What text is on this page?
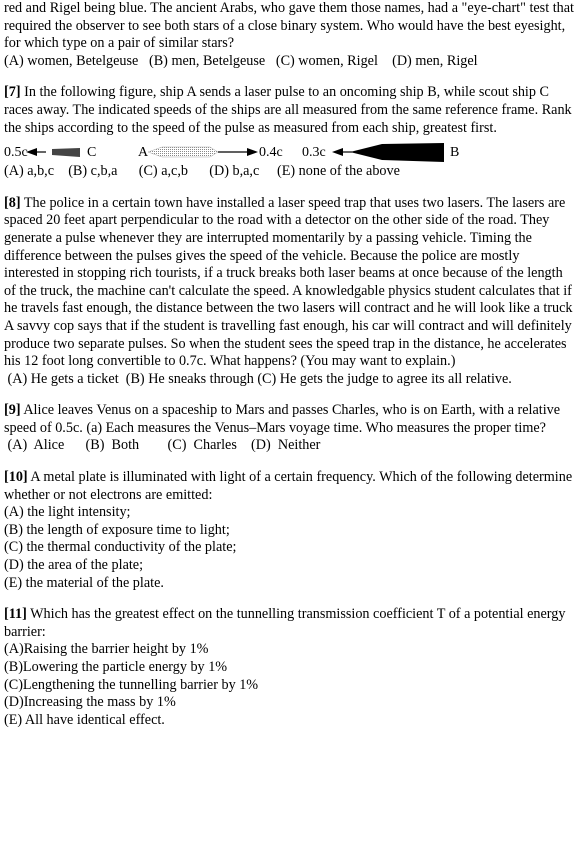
red and Rigel being blue. The ancient Arabs, who gave them those names, had a "eye-chart" test that required the observer to see both stars of a close binary system. Who would have the best eyesight, for which type on a pair of similar stars?

(A) women, Betelgeuse   (B) men, Betelgeuse   (C) women, Rigel    (D) men, Rigel

[7] In the following figure, ship A sends a laser pulse to an oncoming ship B, while scout ship C races away. The indicated speeds of the ships are all measured from the same reference frame. Rank the ships according to the speed of the pulse as measured from each ship, greatest first.

0.5c	C	A	0.4c 0.3c	B

(A) a,b,c    (B) c,b,a      (C) a,c,b      (D) b,a,c     (E) none of the above

[8] The police in a certain town have installed a laser speed trap that uses two lasers. The lasers are spaced 20 feet apart perpendicular to the road with a detector on the other side of the road. They generate a pulse whenever they are interrupted momentarily by a passing vehicle. Timing the difference between the pulses gives the speed of the vehicle. Because the police are mostly interested in stopping rich tourists, if a truck breaks both laser beams at once because of the length of the truck, the machine can't calculate the speed. A knowledgable physics student calculates that if he travels fast enough, the distance between the two lasers will contract and he will look like a truck A savvy cop says that if the student is travelling fast enough, his car will contract and will definitely produce two separate pulses. So when the student sees the speed trap in the distance, he accelerates his 12 foot long convertible to 0.7c. What happens? (You may want to explain.)

(A) He gets a ticket  (B) He sneaks through (C) He gets the judge to agree its all relative.

[9] Alice leaves Venus on a spaceship to Mars and passes Charles, who is on Earth, with a relative speed of 0.5c. (a) Each measures the Venus–Mars voyage time. Who measures the proper time?

(A)  Alice      (B)  Both        (C)  Charles    (D)  Neither

[10] A metal plate is illuminated with light of a certain frequency. Which of the following determine whether or not electrons are emitted:

(A) the light intensity;

(B) the length of exposure time to light;

(C) the thermal conductivity of the plate;

(D) the area of the plate;

(E) the material of the plate.

[11] Which has the greatest effect on the tunnelling transmission coefficient T of a potential energy barrier:

(A)Raising the barrier height by 1%

(B)Lowering the particle energy by 1%

(C)Lengthening the tunnelling barrier by 1%

(D)Increasing the mass by 1%

(E) All have identical effect.
